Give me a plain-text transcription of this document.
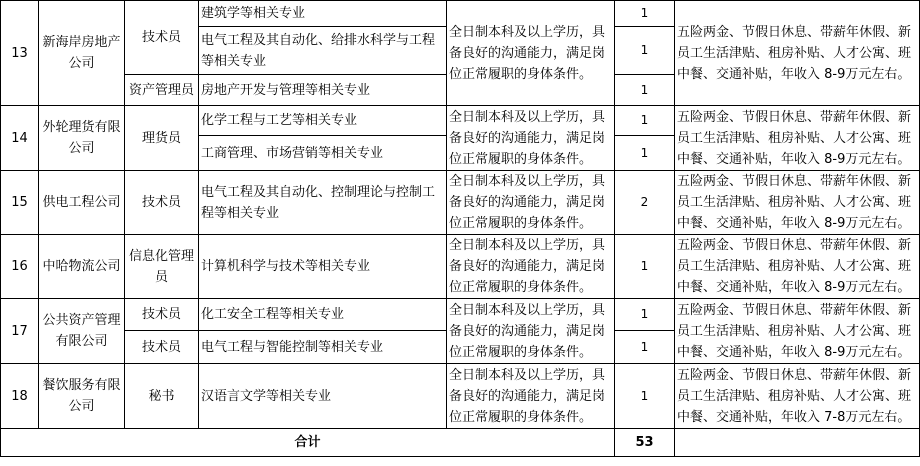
13	新海岸房地产公司	技术员	建筑学等相关专业	全日制本科及以上学历，具备良好的沟通能力，满足岗位正常履职的身体条件。	1	五险两金、节假日休息、带薪年休假、新员工生活津贴、租房补贴、人才公寓、班中餐、交通补贴，年收入 8-9万元左右。
			电气工程及其自动化、给排水科学与工程等相关专业		1	
		资产管理员	房地产开发与管理等相关专业		1	
14	外轮理货有限公司	理货员	化学工程与工艺等相关专业	全日制本科及以上学历，具备良好的沟通能力，满足岗位正常履职的身体条件。	1	五险两金、节假日休息、带薪年休假、新员工生活津贴、租房补贴、人才公寓、班中餐、交通补贴，年收入 8-9万元左右。
			工商管理、市场营销等相关专业		1	
15	供电工程公司	技术员	电气工程及其自动化、控制理论与控制工程等相关专业	全日制本科及以上学历，具备良好的沟通能力，满足岗位正常履职的身体条件。	2	五险两金、节假日休息、带薪年休假、新员工生活津贴、租房补贴、人才公寓、班中餐、交通补贴，年收入 8-9万元左右。
16	中哈物流公司	信息化管理员	计算机科学与技术等相关专业	全日制本科及以上学历，具备良好的沟通能力，满足岗位正常履职的身体条件。	1	五险两金、节假日休息、带薪年休假、新员工生活津贴、租房补贴、人才公寓、班中餐、交通补贴，年收入 8-9万元左右。
17	公共资产管理有限公司	技术员	化工安全工程等相关专业	全日制本科及以上学历，具备良好的沟通能力，满足岗位正常履职的身体条件。	1	五险两金、节假日休息、带薪年休假、新员工生活津贴、租房补贴、人才公寓、班中餐、交通补贴，年收入 8-9万元左右。
		技术员	电气工程与智能控制等相关专业		1	
18	餐饮服务有限公司	秘书	汉语言文学等相关专业	全日制本科及以上学历，具备良好的沟通能力，满足岗位正常履职的身体条件。	1	五险两金、节假日休息、带薪年休假、新员工生活津贴、租房补贴、人才公寓、班中餐、交通补贴，年收入 7-8万元左右。
合计					53	
